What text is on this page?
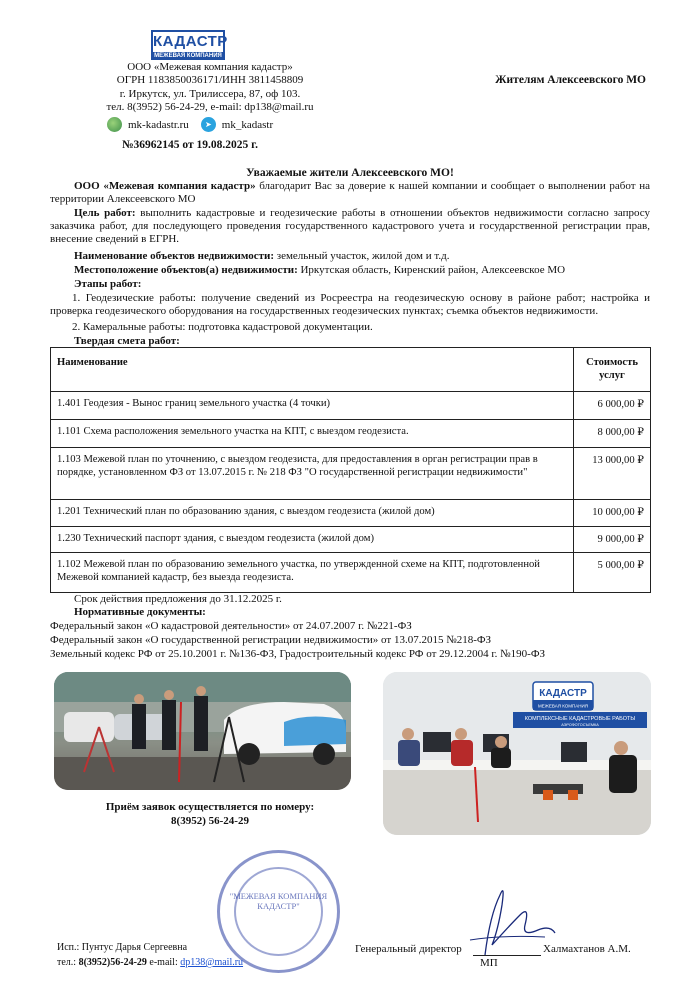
КАДАСТР
МЕЖЕВАЯ КОМПАНИЯ
ООО «Межевая компания кадастр»
ОГРН 1183850036171/ИНН 3811458809
г. Иркутск, ул. Трилиссера, 87, оф 103.
тел. 8(3952) 56-24-29, e-mail: dp138@mail.ru
Жителям Алексеевского МО
mk-kadastr.ru	➤ mk_kadastr
№36962145 от 19.08.2025 г.
Уважаемые жители Алексеевского МО!
ООО «Межевая компания кадастр» благодарит Вас за доверие к нашей компании и сообщает о выполнении работ на территории Алексеевского МО
Цель работ: выполнить кадастровые и геодезические работы в отношении объектов недвижимости согласно запросу заказчика работ, для последующего проведения государственного кадастрового учета и государственной регистрации прав, внесение сведений в ЕГРН.
Наименование объектов недвижимости: земельный участок, жилой дом и т.д.
Местоположение объектов(а) недвижимости: Иркутская область, Киренский район, Алексеевское МО
Этапы работ:
1. Геодезические работы: получение сведений из Росреестра на геодезическую основу в районе работ; настройка и проверка геодезического оборудования на государственных геодезических пунктах; съемка объектов недвижимости.
2. Камеральные работы: подготовка кадастровой документации.
Твердая смета работ:
Наименование	Стоимость услуг
1.401 Геодезия - Вынос границ земельного участка (4 точки)	6 000,00 ₽
1.101 Схема расположения земельного участка на КПТ, с выездом геодезиста.	8 000,00 ₽
1.103 Межевой план по уточнению, с выездом геодезиста, для предоставления в орган регистрации прав в порядке, установленном ФЗ от 13.07.2015 г. № 218 ФЗ "О государственной регистрации недвижимости"	13 000,00 ₽
1.201 Технический план по образованию здания, с выездом геодезиста (жилой дом)	10 000,00 ₽
1.230 Технический паспорт здания, с выездом геодезиста (жилой дом)	9 000,00 ₽
1.102 Межевой план по образованию земельного участка, по утвержденной схеме на КПТ, подготовленной Межевой компанией кадастр, без выезда геодезиста.	5 000,00 ₽
Срок действия предложения до 31.12.2025 г.
Нормативные документы:
Федеральный закон «О кадастровой деятельности» от 24.07.2007 г. №221-ФЗ
Федеральный закон «О государственной регистрации недвижимости» от 13.07.2015 №218-ФЗ
Земельный кодекс РФ от 25.10.2001 г. №136-ФЗ, Градостроительный кодекс РФ от 29.12.2004 г. №190-ФЗ
КАДАСТР
МЕЖЕВАЯ КОМПАНИЯ
КОМПЛЕКСНЫЕ КАДАСТРОВЫЕ РАБОТЫ
АЭРОФОТОСЪЕМКА
Приём заявок осуществляется по номеру:
8(3952) 56-24-29
"МЕЖЕВАЯ КОМПАНИЯ КАДАСТР"
Исп.: Пунтус Дарья Сергеевна
тел.: 8(3952)56-24-29 e-mail: dp138@mail.ru
Генеральный директор	Халмахтанов А.М.
МП
